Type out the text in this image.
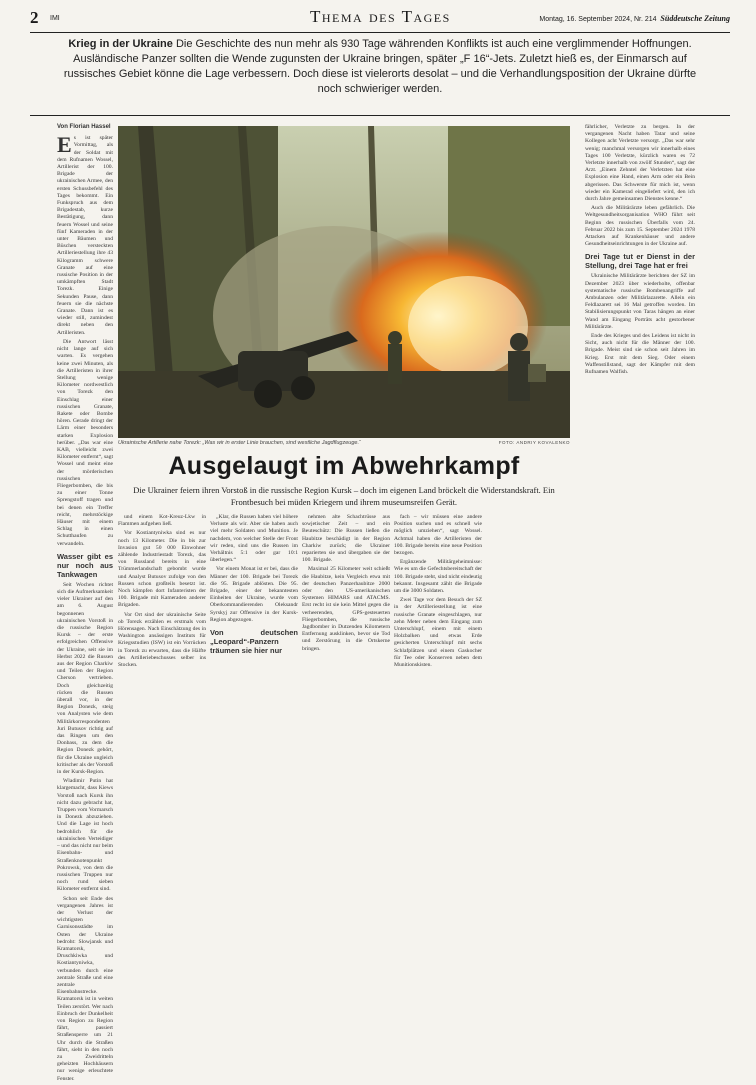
2 IMI	Thema des Tages	Montag, 16. September 2024, Nr. 214 Süddeutsche Zeitung
Krieg in der Ukraine Die Geschichte des nun mehr als 930 Tage währenden Konflikts ist auch eine verglimmender Hoffnungen. Ausländische Panzer sollten die Wende zugunsten der Ukraine bringen, später „F 16“-Jets. Zuletzt hieß es, der Einmarsch auf russisches Gebiet könne die Lage verbessern. Doch diese ist vielerorts desolat – und die Verhandlungsposition der Ukraine dürfte noch schwieriger werden.
Von Florian Hassel

Es ist später Vormittag, als der Soldat mit dem Rufnamen Wossel, Artillerist der 100. Brigade der ukrainischen Armee, den ersten Schussbefehl des Tages bekommt. Ein Funkspruch aus dem Brigadestab, kurze Bestätigung, dann feuern Wossel und seine fünf Kameraden in der unter Bäumen und Büschen versteckten Artilleriestellung ihre 43 Kilogramm schwere Granate auf eine russische Position in der umkämpften Stadt Torezk. Einige Sekunden Pause, dann feuern sie die nächste Granate. Dann ist es wieder still, zumindest direkt neben den Artilleristen.

Die Antwort lässt nicht lange auf sich warten. Es vergehen keine zwei Minuten, als die Artilleristen in ihrer Stellung wenige Kilometer nordwestlich von Torezk den Einschlag einer russischen Granate, Rakete oder Bombe hören. Gerade dringt der Lärm einer besonders starken Explosion herüber. „Das war eine KAB, vielleicht zwei Kilometer entfernt“, sagt Wossel und meint eine der mörderischen russischen Fliegerbomben, die bis zu einer Tonne Sprengstoff tragen und bei denen ein Treffer reicht, mehrstöckige Häuser mit einem Schlag in einen Schutthaufen zu verwandeln.

Wasser gibt es nur noch aus Tankwagen

Seit Wochen richtet sich die Aufmerksamkeit vieler Ukrainer auf den am 6. August begonnenen ukrainischen Vorstoß in die russische Region Kursk – der erste erfolgreichen Offensive der Ukraine, seit sie im Herbst 2022 die Russen aus der Region Charkiw und Teilen der Region Cherson vertrieben. Doch gleichzeitig rücken die Russen überall vor, in der Region Donezk, steig von Analysten wie dem Militärkorrespondenten Juri Butusov richtig auf das Ringen um den Donbass, zu dem die Region Donezk gehört, für die Ukraine ungleich kritischer als der Vorstoß in der Kursk-Region.

Wladimir Putin hat klargemacht, dass Kiews Vorstoß nach Kursk ihn nicht dazu gebracht hat, Truppen vom Vormarsch in Donezk abzuziehen. Und die Lage ist hoch bedrohlich für die ukrainischen Verteidiger – und das nicht nur beim Eisenbahn- und Straßenknotenpunkt Pokrowsk, von dem die russischen Truppen nur noch rund sieben Kilometer entfernt sind.

Schon seit Ende des vergangenen Jahres ist der Verlust der wichtigsten Garnisonsstädte im Osten der Ukraine bedroht: Slowjansk und Kramatorsk, Druschkiwka und Kostiantyniwka, verbunden durch eine zentrale Straße und eine zentrale Eisenbahnstrecke. Kramatorsk ist in weiten Teilen zerstört. Wer nach Einbruch der Dunkelheit von Region zu Region fährt, passiert Straßensperre um 21 Uhr durch die Straßen fährt, sieht in den noch zu Zweidritteln geheizten Hochhäusern nur wenige erleuchtete Fenster.

Ukrainische Artillerie nahe Torezk: „Was wir in erster Linie brauchen, sind westliche Jagdflugzeuge.“	FOTO: ANDRIY KOVALENKO
Ausgelaugt im Abwehrkampf
Die Ukrainer feiern ihren Vorstoß in die russische Region Kursk – doch im eigenen Land bröckelt die Widerstandskraft. Ein Frontbesuch bei müden Kriegern und ihrem museumsreifen Gerät.

und einem Kot-Kreuz-Lkw in Flammen aufgehen ließ.

Vor Kostiantyniwka sind es nur noch 13 Kilometer. Die in bis zur Invasion gut 50 000 Einwohner zählende Industriestadt Torezk, das von Russland bereits in eine Trümmerlandschaft gebombt wurde und Analyst Butusov zufolge von den Russen schon großteils besetzt ist. Noch kämpfen dort Infanteristen der 100. Brigade mit Kameraden anderer Brigaden.

Vor Ort sind der ukrainische Seite ob Torezk erzählen es erstmals vom Hörensagen. Nach Einschätzung des in Washington ansässigen Instituts für Kriegsstudien (ISW) ist ein Vorrücken in Torezk zu erwarten, dass die Hälfte des Artilleriebeschusses selber ins Stocken.

„Klar, die Russen haben viel höhere Verluste als wir. Aber sie haben auch viel mehr Soldaten und Munition. Je nachdem, von welcher Stelle der Front wir reden, sind uns die Russen im Verhältnis 5:1 oder gar 10:1 überlegen.“

Vor einem Monat ist er bei, dass die Männer der 100. Brigade bei Torezk die 95. Brigade ablösten. Die 95. Brigade, einer der bekanntesten Einheiten der Ukraine, wurde vom Oberkommandierenden Oleksandr Syrskyj zur Offensive in der Kursk-Region abgezogen.

Von deutschen „Leopard“-Panzern träumen sie hier nur

nehmen alte Schachtrüsse aus sowjetischer Zeit – und ein Beuteschütz: Die Russen ließen die Haubitze beschädigt in der Region Charkiw zurück; die Ukrainer reparierten sie und übergaben sie der 100. Brigade.

Maximal 25 Kilometer weit schießt die Haubitze, kein Vergleich etwa mit der deutschen Panzerhaubitze 2000 oder den US-amerikanischen Systemen HIMARS und ATACMS. Erst recht ist sie kein Mittel gegen die verheerenden, GPS-gesteuerten Fliegerbomben, die russische Jagdbomber in Dutzenden Kilometern Entfernung ausklinken, bevor sie Tod und Zerstörung in die Ortskerne bringen.

fach – wir müssen eine andere Position suchen und es schnell wie möglich umziehen“, sagt Wossel. Achtmal haben die Artilleristen der 100. Brigade bereits eine neue Position bezogen.

Ergänzende Militärgeheimnisse: Wie es um die Gefechtsbereitschaft der 100. Brigade steht, sind nicht eindeutig bekannt. Insgesamt zählt die Brigade um die 3000 Soldaten.

Zwei Tage vor dem Besuch der SZ in der Artilleriestellung ist eine russische Granate eingeschlagen, nur zehn Meter neben dem Eingang zum Unterschlupf, einem mit einem Holzbalken und etwas Erde gesicherten Unterschlupf mit sechs Schlafplätzen und einem Gaskocher für Tee oder Konserven neben dem Munitionskisten.

fährlicher, Verletzte zu bergen. In der vergangenen Nacht haben Tatar und seine Kollegen acht Verletzte versorgt. „Das war sehr wenig; manchmal versorgen wir innerhalb eines Tages 100 Verletzte, kürzlich waren es 72 Verletzte innerhalb von zwölf Stunden“, sagt der Arzt. „Einem Zehntel der Verletzten hat eine Explosion eine Hand, einen Arm oder ein Bein abgerissen. Das Schwerste für mich ist, wenn wieder ein Kamerad eingeliefert wird, den ich durch Jahre gemeinsamen Dienstes kenne.“

Auch die Militärärzte leben gefährlich. Die Weltgesundheitsorganisation WHO führt seit Beginn des russischen Überfalls vom 24. Februar 2022 bis zum 15. September 2024 1978 Attacken auf Krankenhäuser und andere Gesundheitseinrichtungen in der Ukraine auf.

Drei Tage tut er Dienst in der Stellung, drei Tage hat er frei

Ukrainische Militärärzte berichten der SZ im Dezember 2023 über wiederholte, offenbar systematische russische Bombenangriffe auf Ambulanzen oder Militärlazarette. Allein ein Feldlazarett sei 16 Mal getroffen worden. Im Stabilisierungspunkt von Taras hängen an einer Wand am Eingang Porträts acht gestorbener Militärärzte.

Ende des Krieges und des Leidens ist nicht in Sicht, auch nicht für die Männer der 100. Brigade. Meist sind sie schon seit Jahren im Krieg. Erst mit dem Sieg. Oder einem Waffenstillstand, sagt der Kämpfer mit dem Rufnamen Walfish.
